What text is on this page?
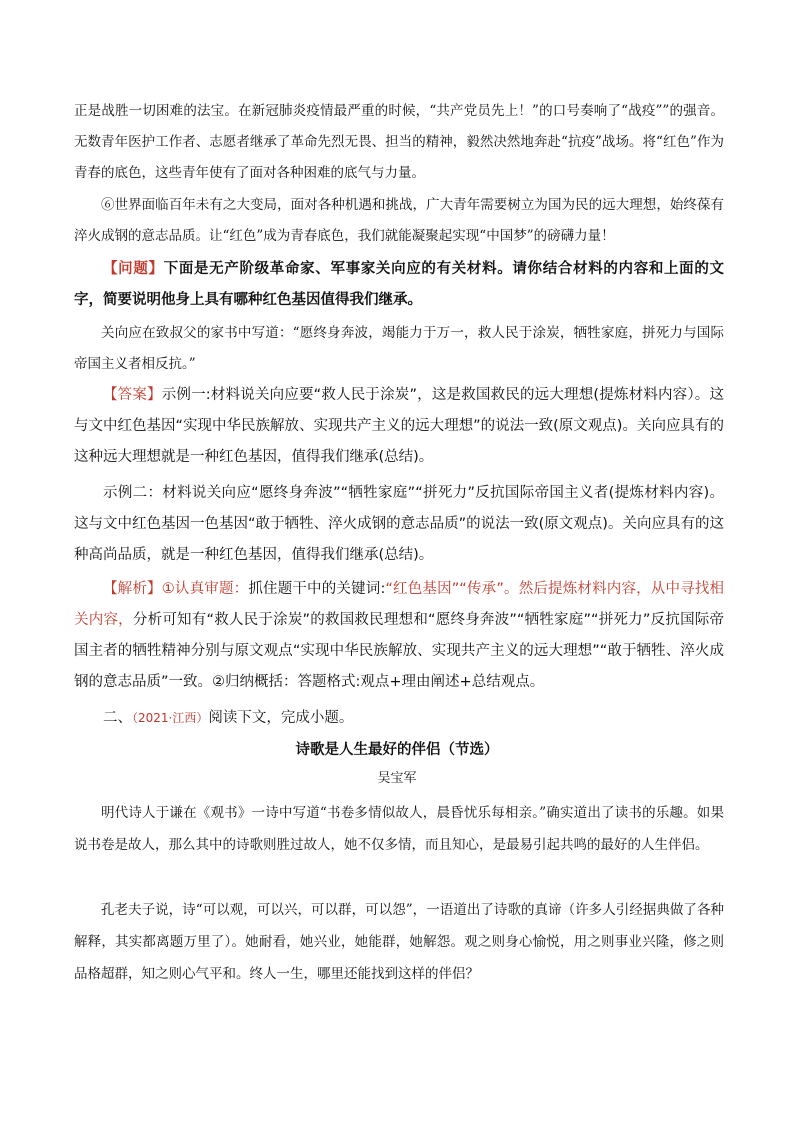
正是战胜一切困难的法宝。在新冠肺炎疫情最严重的时候，“共产党员先上！”的口号奏响了“战疫””的强音。无数青年医护工作者、志愿者继承了革命先烈无畏、担当的精神，毅然决然地奔赴“抗疫”战场。将“红色”作为青春的底色，这些青年使有了面对各种困难的底气与力量。

⑥世界面临百年未有之大变局，面对各种机遇和挑战，广大青年需要树立为国为民的远大理想，始终葆有淬火成钢的意志品质。让“红色”成为青春底色，我们就能凝聚起实现“中国梦”的磅礴力量！

【问题】下面是无产阶级革命家、军事家关向应的有关材料。请你结合材料的内容和上面的文字，简要说明他身上具有哪种红色基因值得我们继承。

关向应在致叔父的家书中写道：“愿终身奔波，竭能力于万一，救人民于涂炭，牺牲家庭，拼死力与国际帝国主义者相反抗。”

【答案】示例一:材料说关向应要“救人民于涂炭”，这是救国救民的远大理想(提炼材料内容）。这与文中红色基因“实现中华民族解放、实现共产主义的远大理想”的说法一致(原文观点)。关向应具有的这种远大理想就是一种红色基因，值得我们继承(总结)。

示例二：材料说关向应“愿终身奔波”“牺牲家庭”“拼死力”反抗国际帝国主义者(提炼材料内容)。这与文中红色基因一色基因“敢于牺牲、淬火成钢的意志品质”的说法一致(原文观点)。关向应具有的这种高尚品质，就是一种红色基因，值得我们继承(总结)。

【解析】①认真审题：抓住题干中的关键词:“红色基因”“传承”。然后提炼材料内容，从中寻找相关内容，分析可知有“救人民于涂炭”的救国救民理想和“愿终身奔波”“牺牲家庭”“拼死力”反抗国际帝国主者的牺牲精神分别与原文观点“实现中华民族解放、实现共产主义的远大理想”“敢于牺牲、淬火成钢的意志品质”一致。②归纳概括：答题格式:观点+理由阐述+总结观点。

二、（2021·江西）阅读下文，完成小题。

诗歌是人生最好的伴侣（节选）

吴宝军

明代诗人于谦在《观书》一诗中写道“书卷多情似故人，晨昏忧乐每相亲。”确实道出了读书的乐趣。如果说书卷是故人，那么其中的诗歌则胜过故人，她不仅多情，而且知心，是最易引起共鸣的最好的人生伴侣。

孔老夫子说，诗“可以观，可以兴，可以群，可以怨”，一语道出了诗歌的真谛（许多人引经据典做了各种解释，其实都离题万里了）。她耐看，她兴业，她能群，她解怨。观之则身心愉悦，用之则事业兴隆，修之则品格超群，知之则心气平和。终人一生，哪里还能找到这样的伴侣？
